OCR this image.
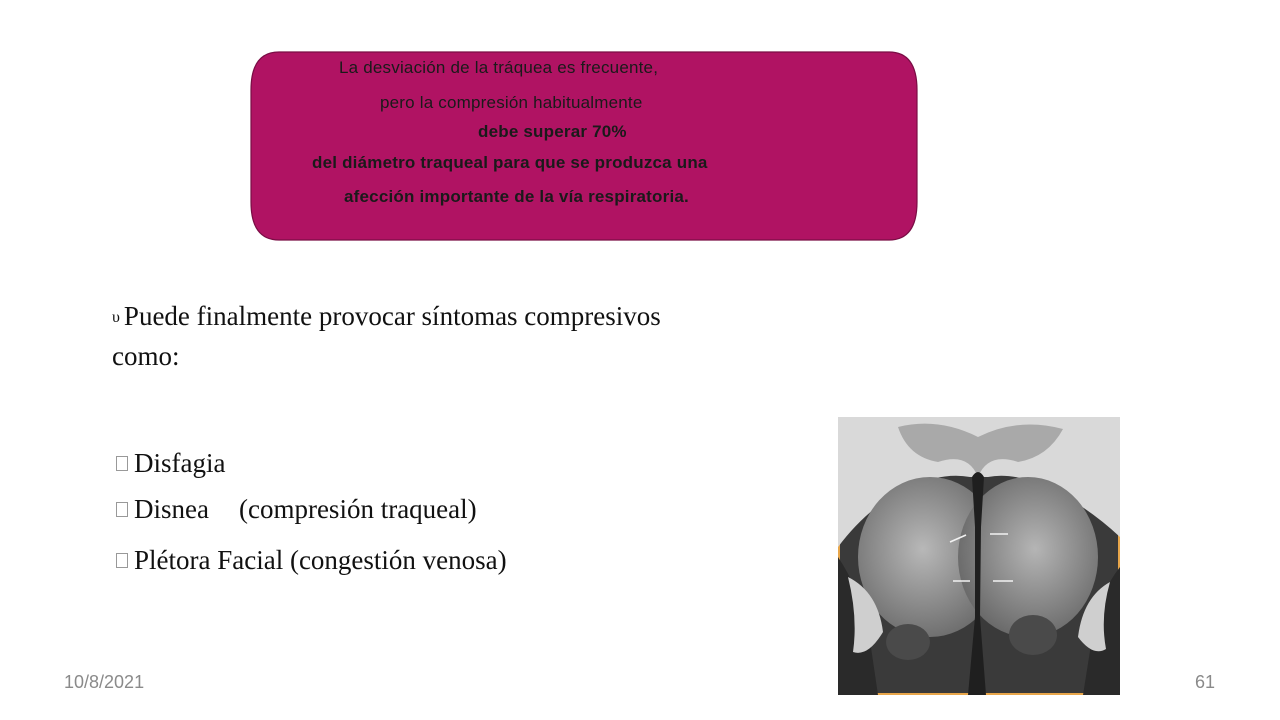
La desviación de la tráquea es frecuente,
pero la compresión habitualmente
debe superar 70%
del diámetro traqueal para que se produzca una
afección importante de la vía respiratoria.
υ Puede finalmente provocar síntomas compresivos como:
Disfagia
Disnea (compresión traqueal)
Plétora Facial (congestión venosa)
10/8/2021	61
